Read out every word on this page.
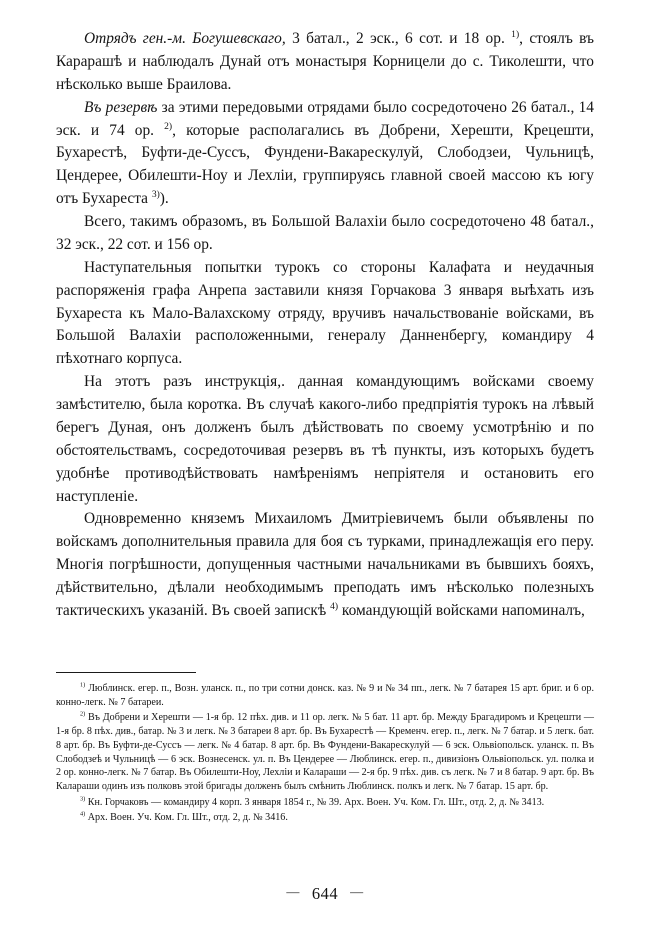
Отрядъ ген.-м. Богушевскаго, 3 батал., 2 эск., 6 сот. и 18 ор. $^{1)}$, стоялъ въ Карарашѣ и наблюдалъ Дунай отъ монастыря Корницели до с. Тиколешти, что нѣсколько выше Браилова.

Въ резервѣ за этими передовыми отрядами было сосредоточено 26 батал., 14 эск. и 74 ор. $^{2)}$, которые располагались въ Добрени, Херешти, Крецешти, Бухарестѣ, Буфти-де-Суссъ, Фундени-Вакарескулуй, Слободзеи, Чульницѣ, Цендерее, Обилешти-Ноу и Лехліи, группируясь главной своей массою къ югу отъ Бухареста $^{3)}$).

Всего, такимъ образомъ, въ Большой Валахіи было сосредоточено 48 батал., 32 эск., 22 сот. и 156 ор.

Наступательныя попытки турокъ со стороны Калафата и неудачныя распоряженія графа Анрепа заставили князя Горчакова 3 января выѣхать изъ Бухареста къ Мало-Валахскому отряду, вручивъ начальствованіе войсками, въ Большой Валахіи расположенными, генералу Данненбергу, командиру 4 пѣхотнаго корпуса.

На этотъ разъ инструкція,. данная командующимъ войсками своему замѣстителю, была коротка. Въ случаѣ какого-либо предпріятія турокъ на лѣвый берегъ Дуная, онъ долженъ былъ дѣйствовать по своему усмотрѣнію и по обстоятельствамъ, сосредоточивая резервъ въ тѣ пункты, изъ которыхъ будетъ удобнѣе противодѣйствовать намѣреніямъ непріятеля и остановить его наступленіе.

Одновременно княземъ Михаиломъ Дмитріевичемъ были объявлены по войскамъ дополнительныя правила для боя съ турками, принадлежащія его перу. Многія погрѣшности, допущенныя частными начальниками въ бывшихъ бояхъ, дѣйствительно, дѣлали необходимымъ преподать имъ нѣсколько полезныхъ тактическихъ указаній. Въ своей запискѣ $^{4)}$ командующій войсками напоминалъ,

$^{1)}$ Люблинск. егер. п., Возн. уланск. п., по три сотни донск. каз. № 9 и № 34 пп., легк. № 7 батарея 15 арт. бриг. и 6 ор. конно-легк. № 7 батареи.

$^{2)}$ Въ Добрени и Херешти — 1-я бр. 12 пѣх. див. и 11 ор. легк. № 5 бат. 11 арт. бр. Между Брагадиромъ и Крецешти — 1-я бр. 8 пѣх. див., батар. № 3 и легк. № 3 батареи 8 арт. бр. Въ Бухарестѣ — Кременч. егер. п., легк. № 7 батар. и 5 легк. бат. 8 арт. бр. Въ Буфти-де-Суссъ — легк. № 4 батар. 8 арт. бр. Въ Фундени-Вакарескулуй — 6 эск. Ольвіопольск. уланск. п. Въ Слободзеѣ и Чульницѣ — 6 эск. Вознесенск. ул. п. Въ Цендерее — Люблинск. егер. п., дивизіонъ Ольвіопольск. ул. полка и 2 ор. конно-легк. № 7 батар. Въ Обилешти-Ноу, Лехліи и Калараши — 2-я бр. 9 пѣх. див. съ легк. № 7 и 8 батар. 9 арт. бр. Въ Калараши одинъ изъ полковъ этой бригады долженъ былъ смѣнить Люблинск. полкъ и легк. № 7 батар. 15 арт. бр.

$^{3)}$ Кн. Горчаковъ — командиру 4 корп. 3 января 1854 г., № 39. Арх. Воен. Уч. Ком. Гл. Шт., отд. 2, д. № 3413.

$^{4)}$ Арх. Воен. Уч. Ком. Гл. Шт., отд. 2, д. № 3416.

— 644 —
